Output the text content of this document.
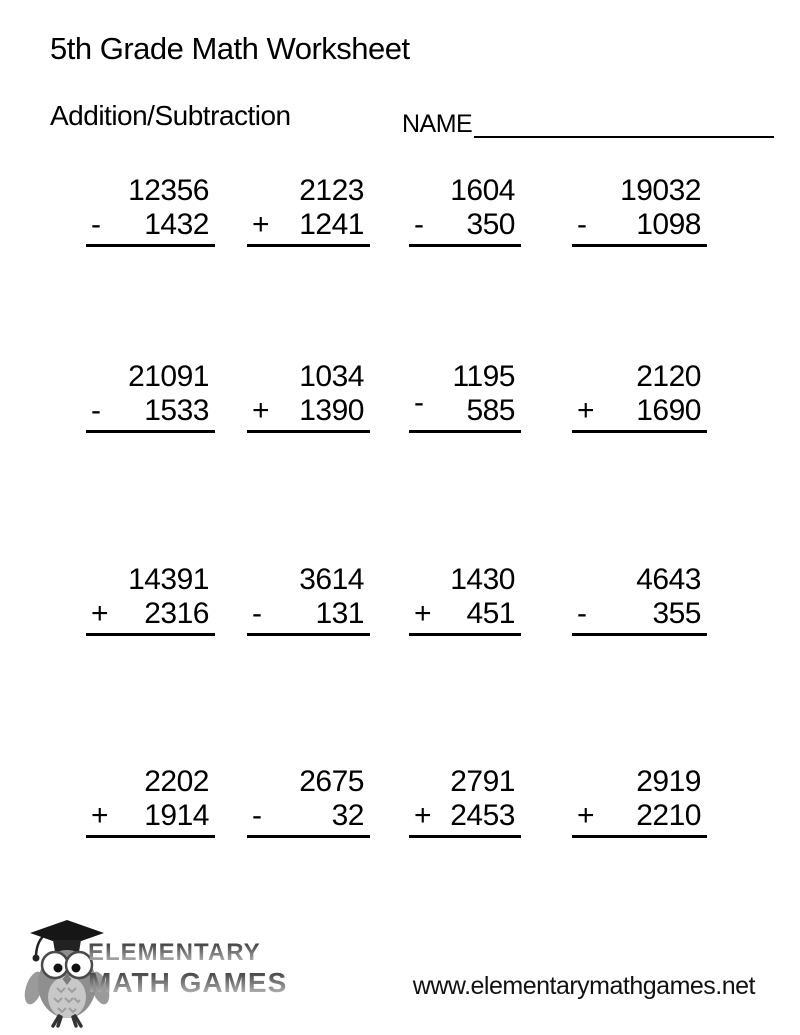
5th Grade Math Worksheet
Addition/Subtraction	NAME
12356
- 1432
2123
+ 1241
1604
- 350
19032
- 1098
21091
- 1533
1034
+ 1390
1195
- 585
2120
+ 1690
14391
+ 2316
3614
- 131
1430
+ 451
4643
- 355
2202
+ 1914
2675
- 32
2791
+ 2453
2919
+ 2210
ELEMENTARY
MATH GAMES	www.elementarymathgames.net
